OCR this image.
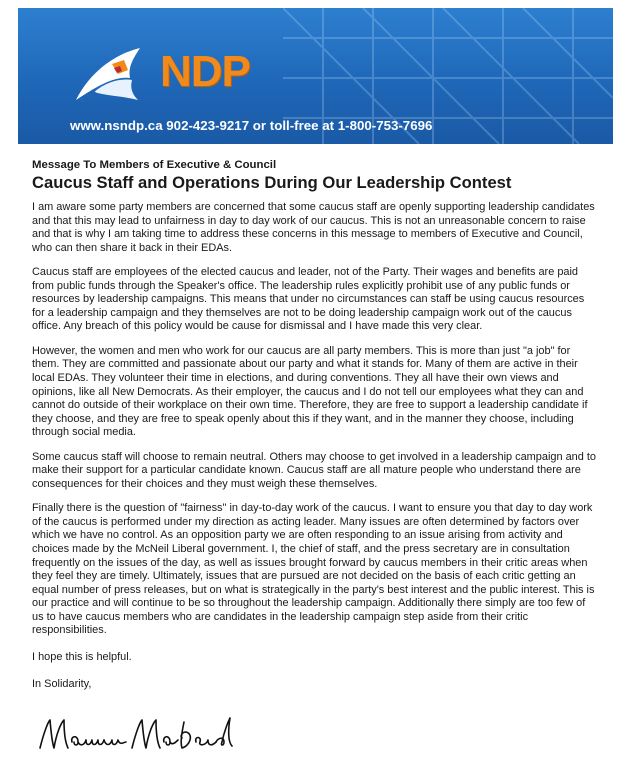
NDP
www.nsndp.ca 902-423-9217 or toll-free at 1-800-753-7696

Message To Members of Executive & Council

Caucus Staff and Operations During Our Leadership Contest

I am aware some party members are concerned that some caucus staff are openly supporting leadership candidates and that this may lead to unfairness in day to day work of our caucus. This is not an unreasonable concern to raise and that is why I am taking time to address these concerns in this message to members of Executive and Council, who can then share it back in their EDAs.

Caucus staff are employees of the elected caucus and leader, not of the Party. Their wages and benefits are paid from public funds through the Speaker's office. The leadership rules explicitly prohibit use of any public funds or resources by leadership campaigns. This means that under no circumstances can staff be using caucus resources for a leadership campaign and they themselves are not to be doing leadership campaign work out of the caucus office. Any breach of this policy would be cause for dismissal and I have made this very clear.

However, the women and men who work for our caucus are all party members. This is more than just "a job" for them. They are committed and passionate about our party and what it stands for. Many of them are active in their local EDAs. They volunteer their time in elections, and during conventions. They all have their own views and opinions, like all New Democrats. As their employer, the caucus and I do not tell our employees what they can and cannot do outside of their workplace on their own time. Therefore, they are free to support a leadership candidate if they choose, and they are free to speak openly about this if they want, and in the manner they choose, including through social media.

Some caucus staff will choose to remain neutral. Others may choose to get involved in a leadership campaign and to make their support for a particular candidate known. Caucus staff are all mature people who understand there are consequences for their choices and they must weigh these themselves.

Finally there is the question of "fairness" in day-to-day work of the caucus. I want to ensure you that day to day work of the caucus is performed under my direction as acting leader. Many issues are often determined by factors over which we have no control. As an opposition party we are often responding to an issue arising from activity and choices made by the McNeil Liberal government. I, the chief of staff, and the press secretary are in consultation frequently on the issues of the day, as well as issues brought forward by caucus members in their critic areas when they feel they are timely. Ultimately, issues that are pursued are not decided on the basis of each critic getting an equal number of press releases, but on what is strategically in the party's best interest and the public interest. This is our practice and will continue to be so throughout the leadership campaign. Additionally there simply are too few of us to have caucus members who are candidates in the leadership campaign step aside from their critic responsibilities.

I hope this is helpful.
In Solidarity,
